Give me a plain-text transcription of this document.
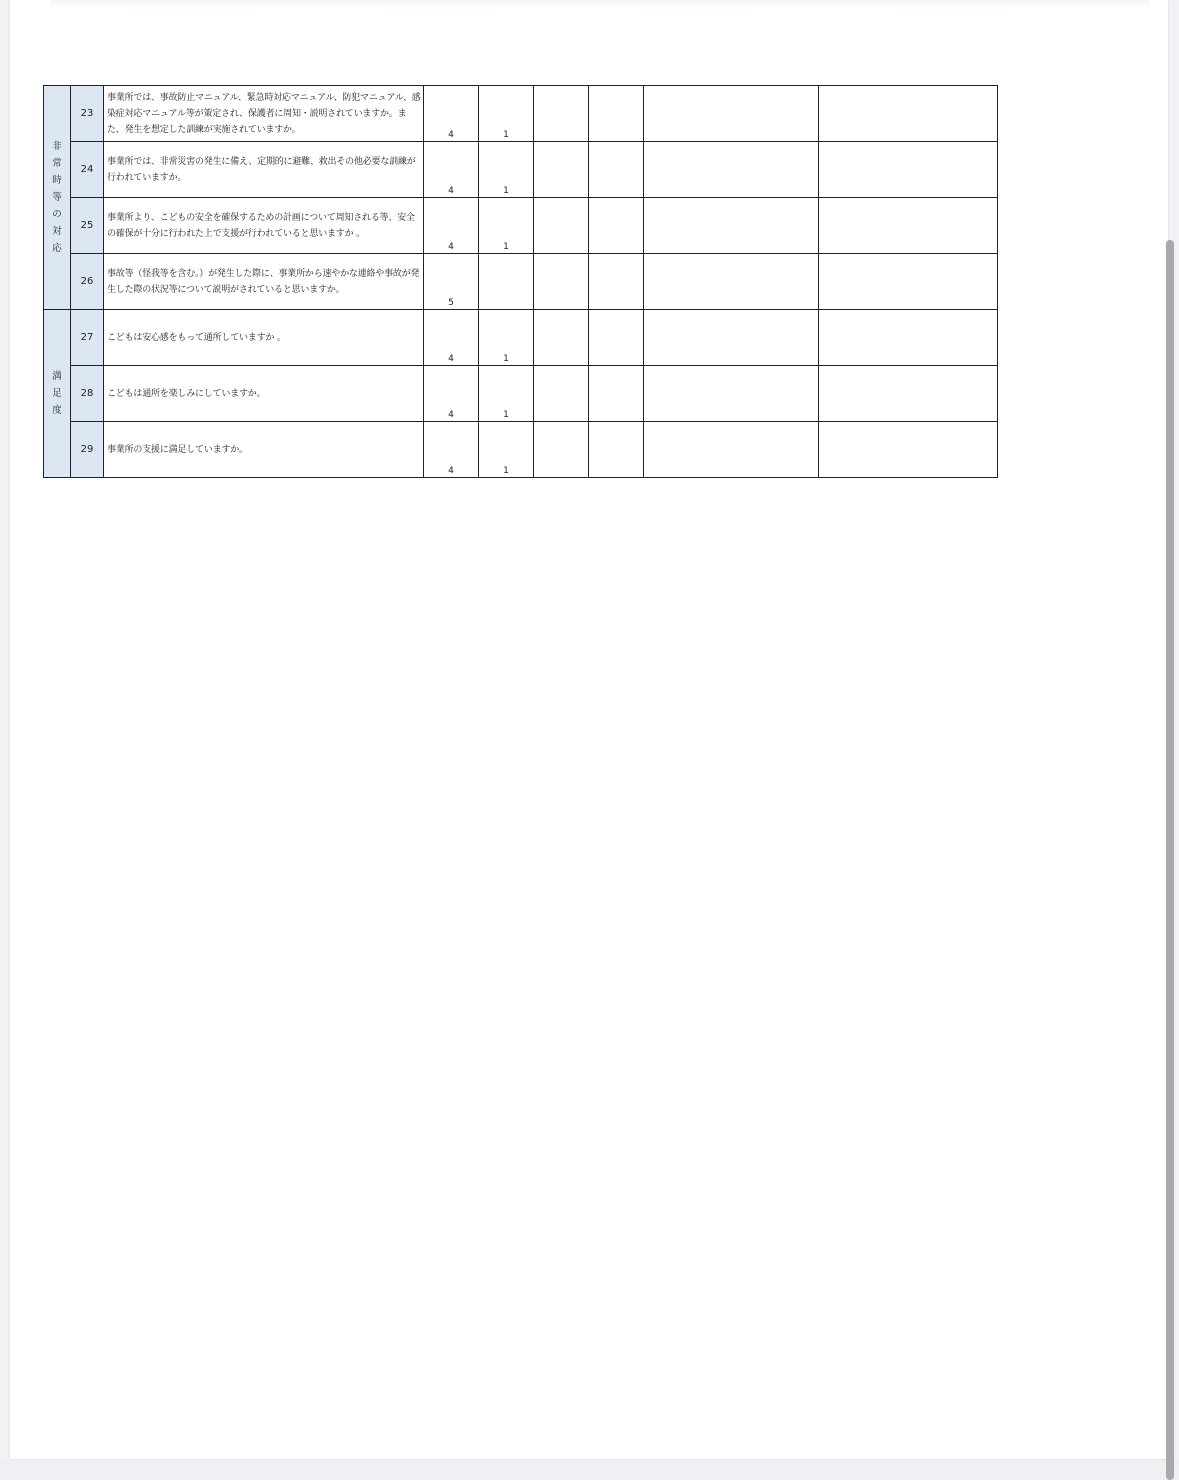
非常時等の対応	23	事業所では、事故防止マニュアル、緊急時対応マニュアル、防犯マニュアル、感染症対応マニュアル等が策定され、保護者に周知・説明されていますか。また、発生を想定した訓練が実施されていますか。	4	1				

	24	事業所では、非常災害の発生に備え、定期的に避難、救出その他必要な訓練が行われていますか。	4	1				

	25	事業所より、こどもの安全を確保するための計画について周知される等、安全の確保が十分に行われた上で支援が行われていると思いますか 。	4	1				

	26	事故等（怪我等を含む。）が発生した際に、事業所から速やかな連絡や事故が発生した際の状況等について説明がされていると思いますか。	5					

満足度	27	こどもは安心感をもって通所していますか 。	4	1				

	28	こどもは通所を楽しみにしていますか。	4	1				

	29	事業所の支援に満足していますか。	4	1				
